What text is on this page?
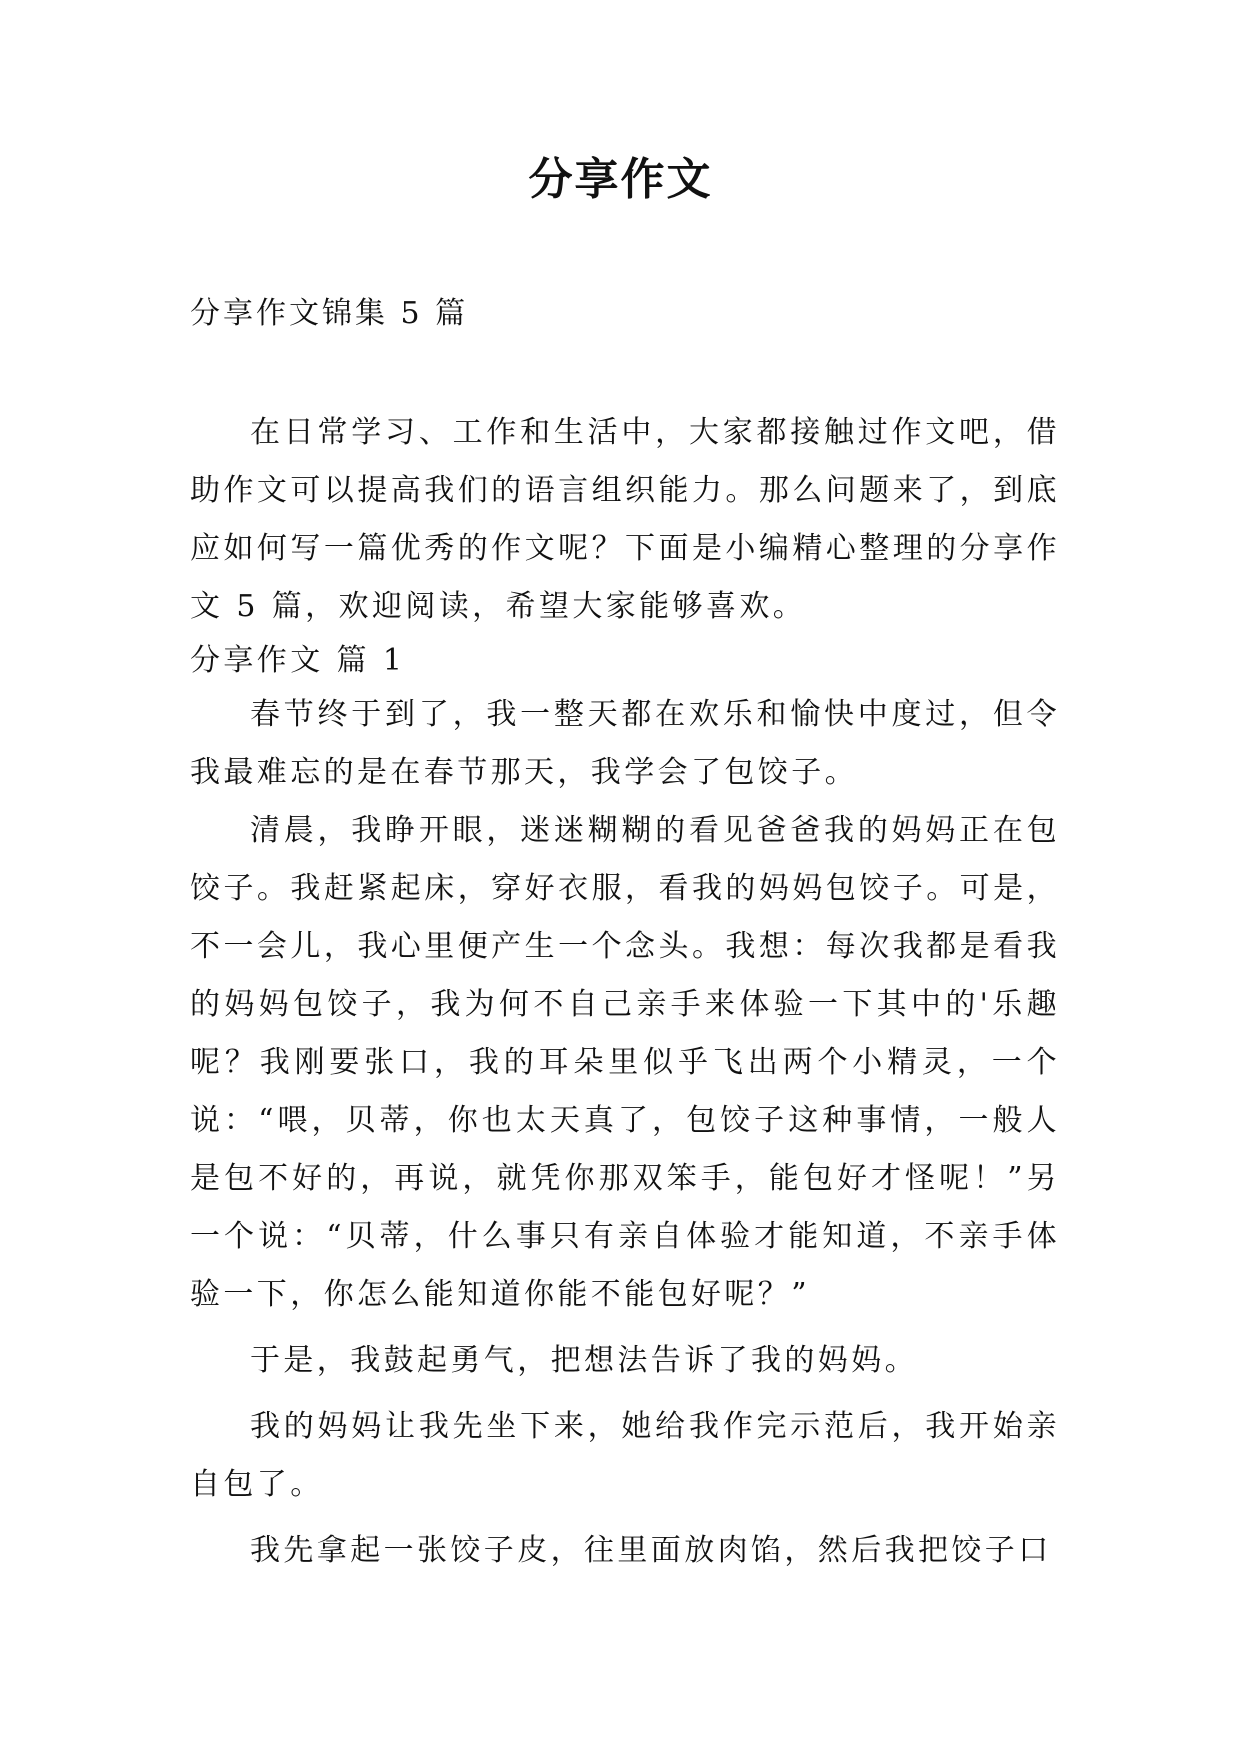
分享作文

分享作文锦集 5 篇

在日常学习、工作和生活中，大家都接触过作文吧，借助作文可以提高我们的语言组织能力。那么问题来了，到底应如何写一篇优秀的作文呢？下面是小编精心整理的分享作文 5 篇，欢迎阅读，希望大家能够喜欢。

分享作文 篇 1

春节终于到了，我一整天都在欢乐和愉快中度过，但令我最难忘的是在春节那天，我学会了包饺子。

清晨，我睁开眼，迷迷糊糊的看见爸爸我的妈妈正在包饺子。我赶紧起床，穿好衣服，看我的妈妈包饺子。可是，不一会儿，我心里便产生一个念头。我想：每次我都是看我的妈妈包饺子，我为何不自己亲手来体验一下其中的'乐趣呢？我刚要张口，我的耳朵里似乎飞出两个小精灵，一个说：“喂，贝蒂，你也太天真了，包饺子这种事情，一般人是包不好的，再说，就凭你那双笨手，能包好才怪呢！”另一个说：“贝蒂，什么事只有亲自体验才能知道，不亲手体验一下，你怎么能知道你能不能包好呢？”

于是，我鼓起勇气，把想法告诉了我的妈妈。

我的妈妈让我先坐下来，她给我作完示范后，我开始亲自包了。

我先拿起一张饺子皮，往里面放肉馅，然后我把饺子口
